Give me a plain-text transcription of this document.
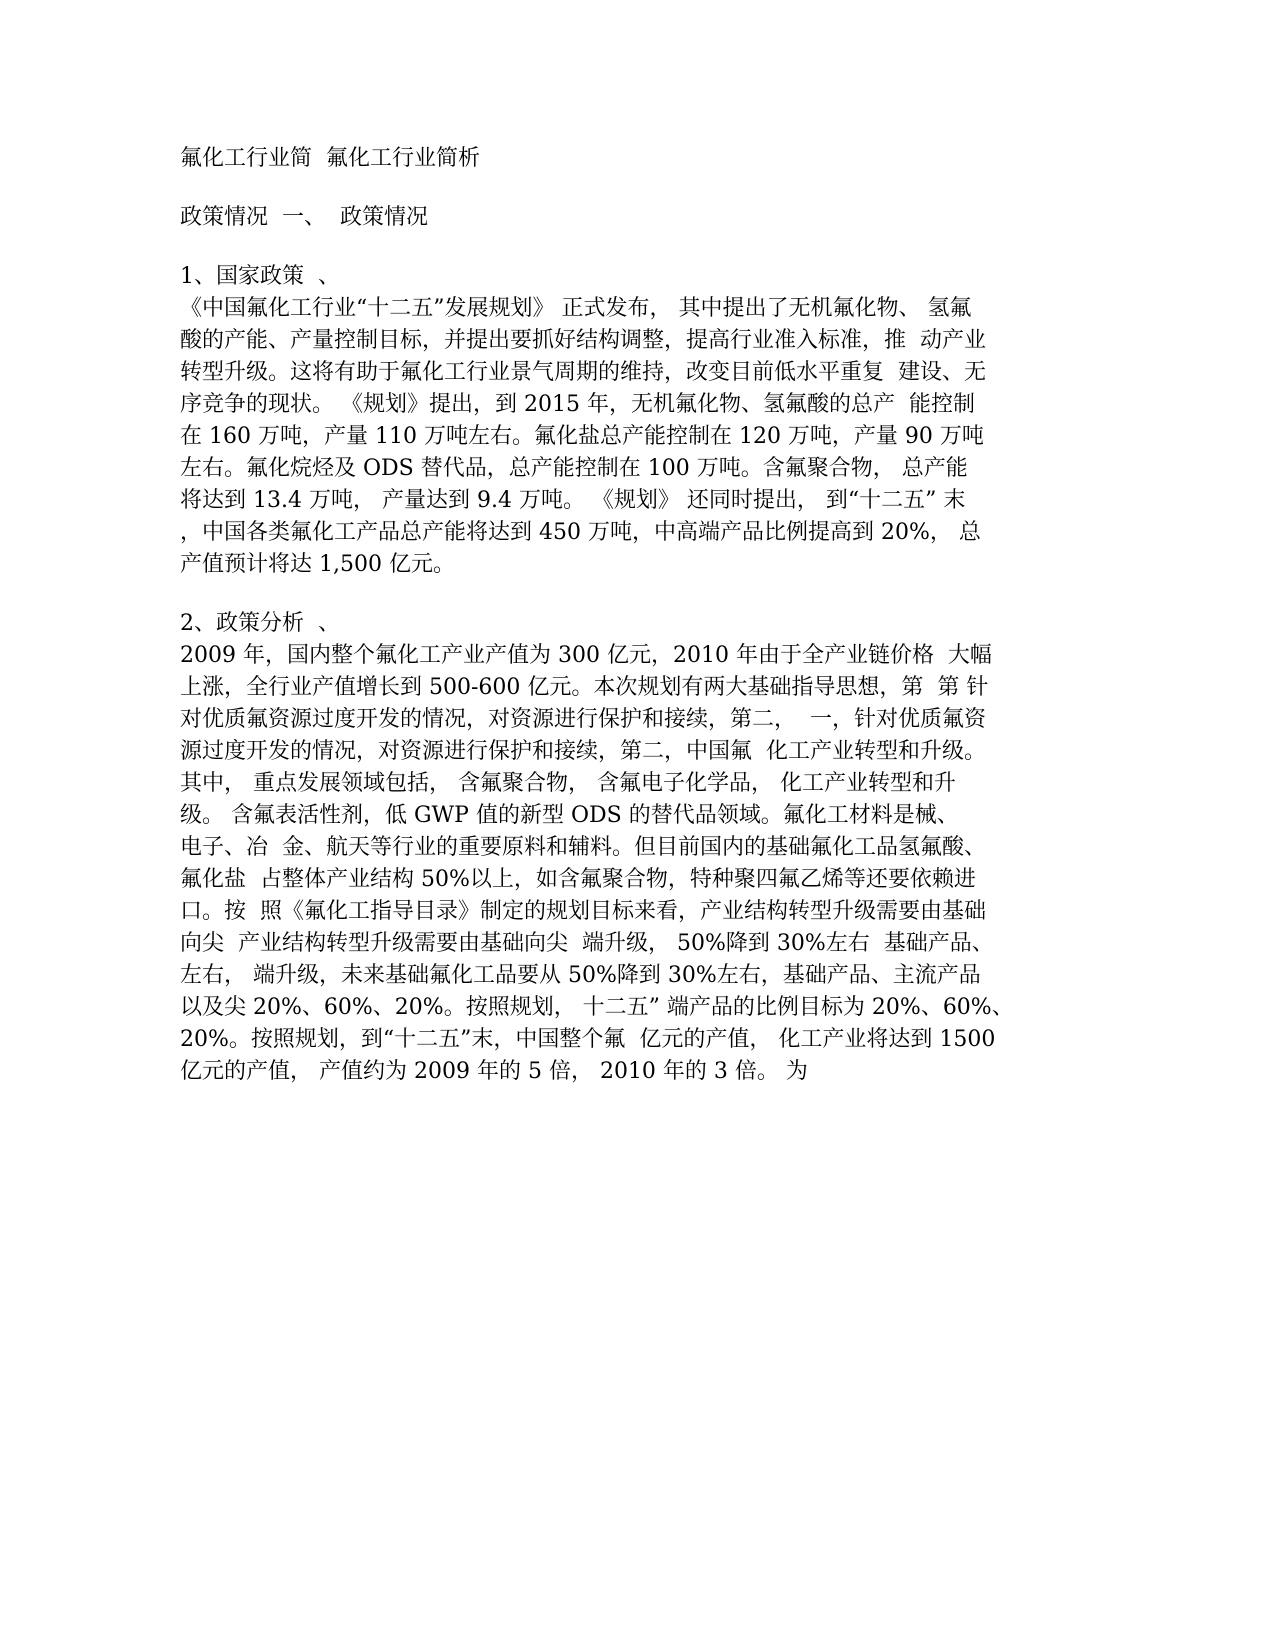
氟化工行业简  氟化工行业简析
政策情况  一、  政策情况
1、国家政策  、
《中国氟化工行业“十二五”发展规划》 正式发布， 其中提出了无机氟化物、 氢氟
酸的产能、产量控制目标，并提出要抓好结构调整，提高行业准入标准，推  动产业
转型升级。这将有助于氟化工行业景气周期的维持，改变目前低水平重复  建设、无
序竞争的现状。 《规划》提出，到 2015 年，无机氟化物、氢氟酸的总产  能控制
在 160 万吨，产量 110 万吨左右。氟化盐总产能控制在 120 万吨，产量 90 万吨
左右。氟化烷烃及 ODS 替代品，总产能控制在 100 万吨。含氟聚合物， 总产能
将达到 13.4 万吨， 产量达到 9.4 万吨。 《规划》 还同时提出， 到“十二五” 末
，中国各类氟化工产品总产能将达到 450 万吨，中高端产品比例提高到 20%， 总
产值预计将达 1,500 亿元。
2、政策分析  、
2009 年，国内整个氟化工产业产值为 300 亿元，2010 年由于全产业链价格  大幅
上涨，全行业产值增长到 500-600 亿元。本次规划有两大基础指导思想，第  第 针
对优质氟资源过度开发的情况，对资源进行保护和接续，第二，  一，针对优质氟资
源过度开发的情况，对资源进行保护和接续，第二，中国氟  化工产业转型和升级。
其中， 重点发展领域包括， 含氟聚合物， 含氟电子化学品， 化工产业转型和升
级。 含氟表活性剂，低 GWP 值的新型 ODS 的替代品领域。氟化工材料是械、
电子、冶  金、航天等行业的重要原料和辅料。但目前国内的基础氟化工品氢氟酸、
氟化盐  占整体产业结构 50%以上，如含氟聚合物，特种聚四氟乙烯等还要依赖进
口。按  照《氟化工指导目录》制定的规划目标来看，产业结构转型升级需要由基础
向尖  产业结构转型升级需要由基础向尖  端升级， 50%降到 30%左右  基础产品、
左右， 端升级，未来基础氟化工品要从 50%降到 30%左右，基础产品、主流产品
以及尖 20%、60%、20%。按照规划， 十二五” 端产品的比例目标为 20%、60%、
20%。按照规划，到“十二五”末，中国整个氟  亿元的产值， 化工产业将达到 1500
亿元的产值， 产值约为 2009 年的 5 倍， 2010 年的 3 倍。 为
